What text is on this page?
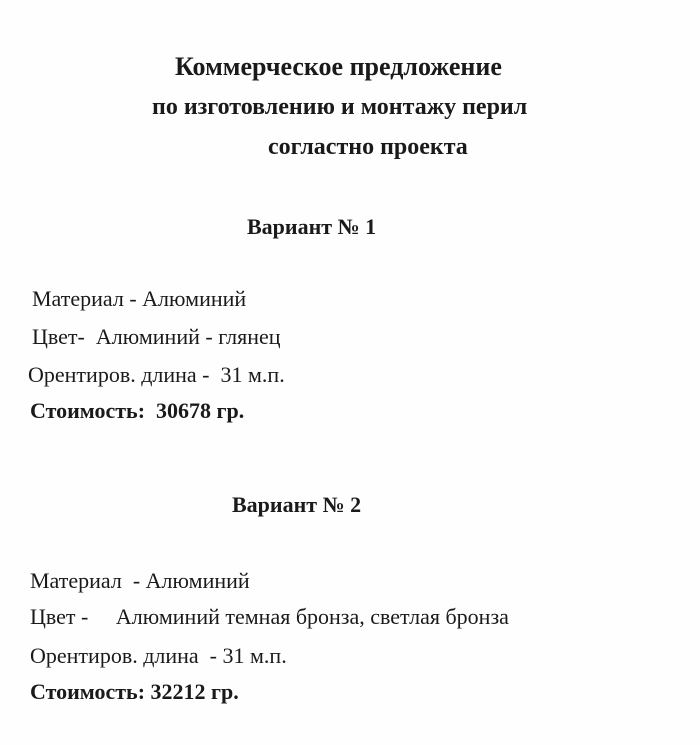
Коммерческое предложение
по изготовлению и монтажу перил
согластно проекта
Вариант № 1
Материал - Алюминий
Цвет-  Алюминий - глянец
Орентиров. длина -  31 м.п.
Стоимость:  30678 гр.
Вариант № 2
Материал  - Алюминий
Цвет -     Алюминий темная бронза, светлая бронза
Орентиров. длина  - 31 м.п.
Стоимость: 32212 гр.
